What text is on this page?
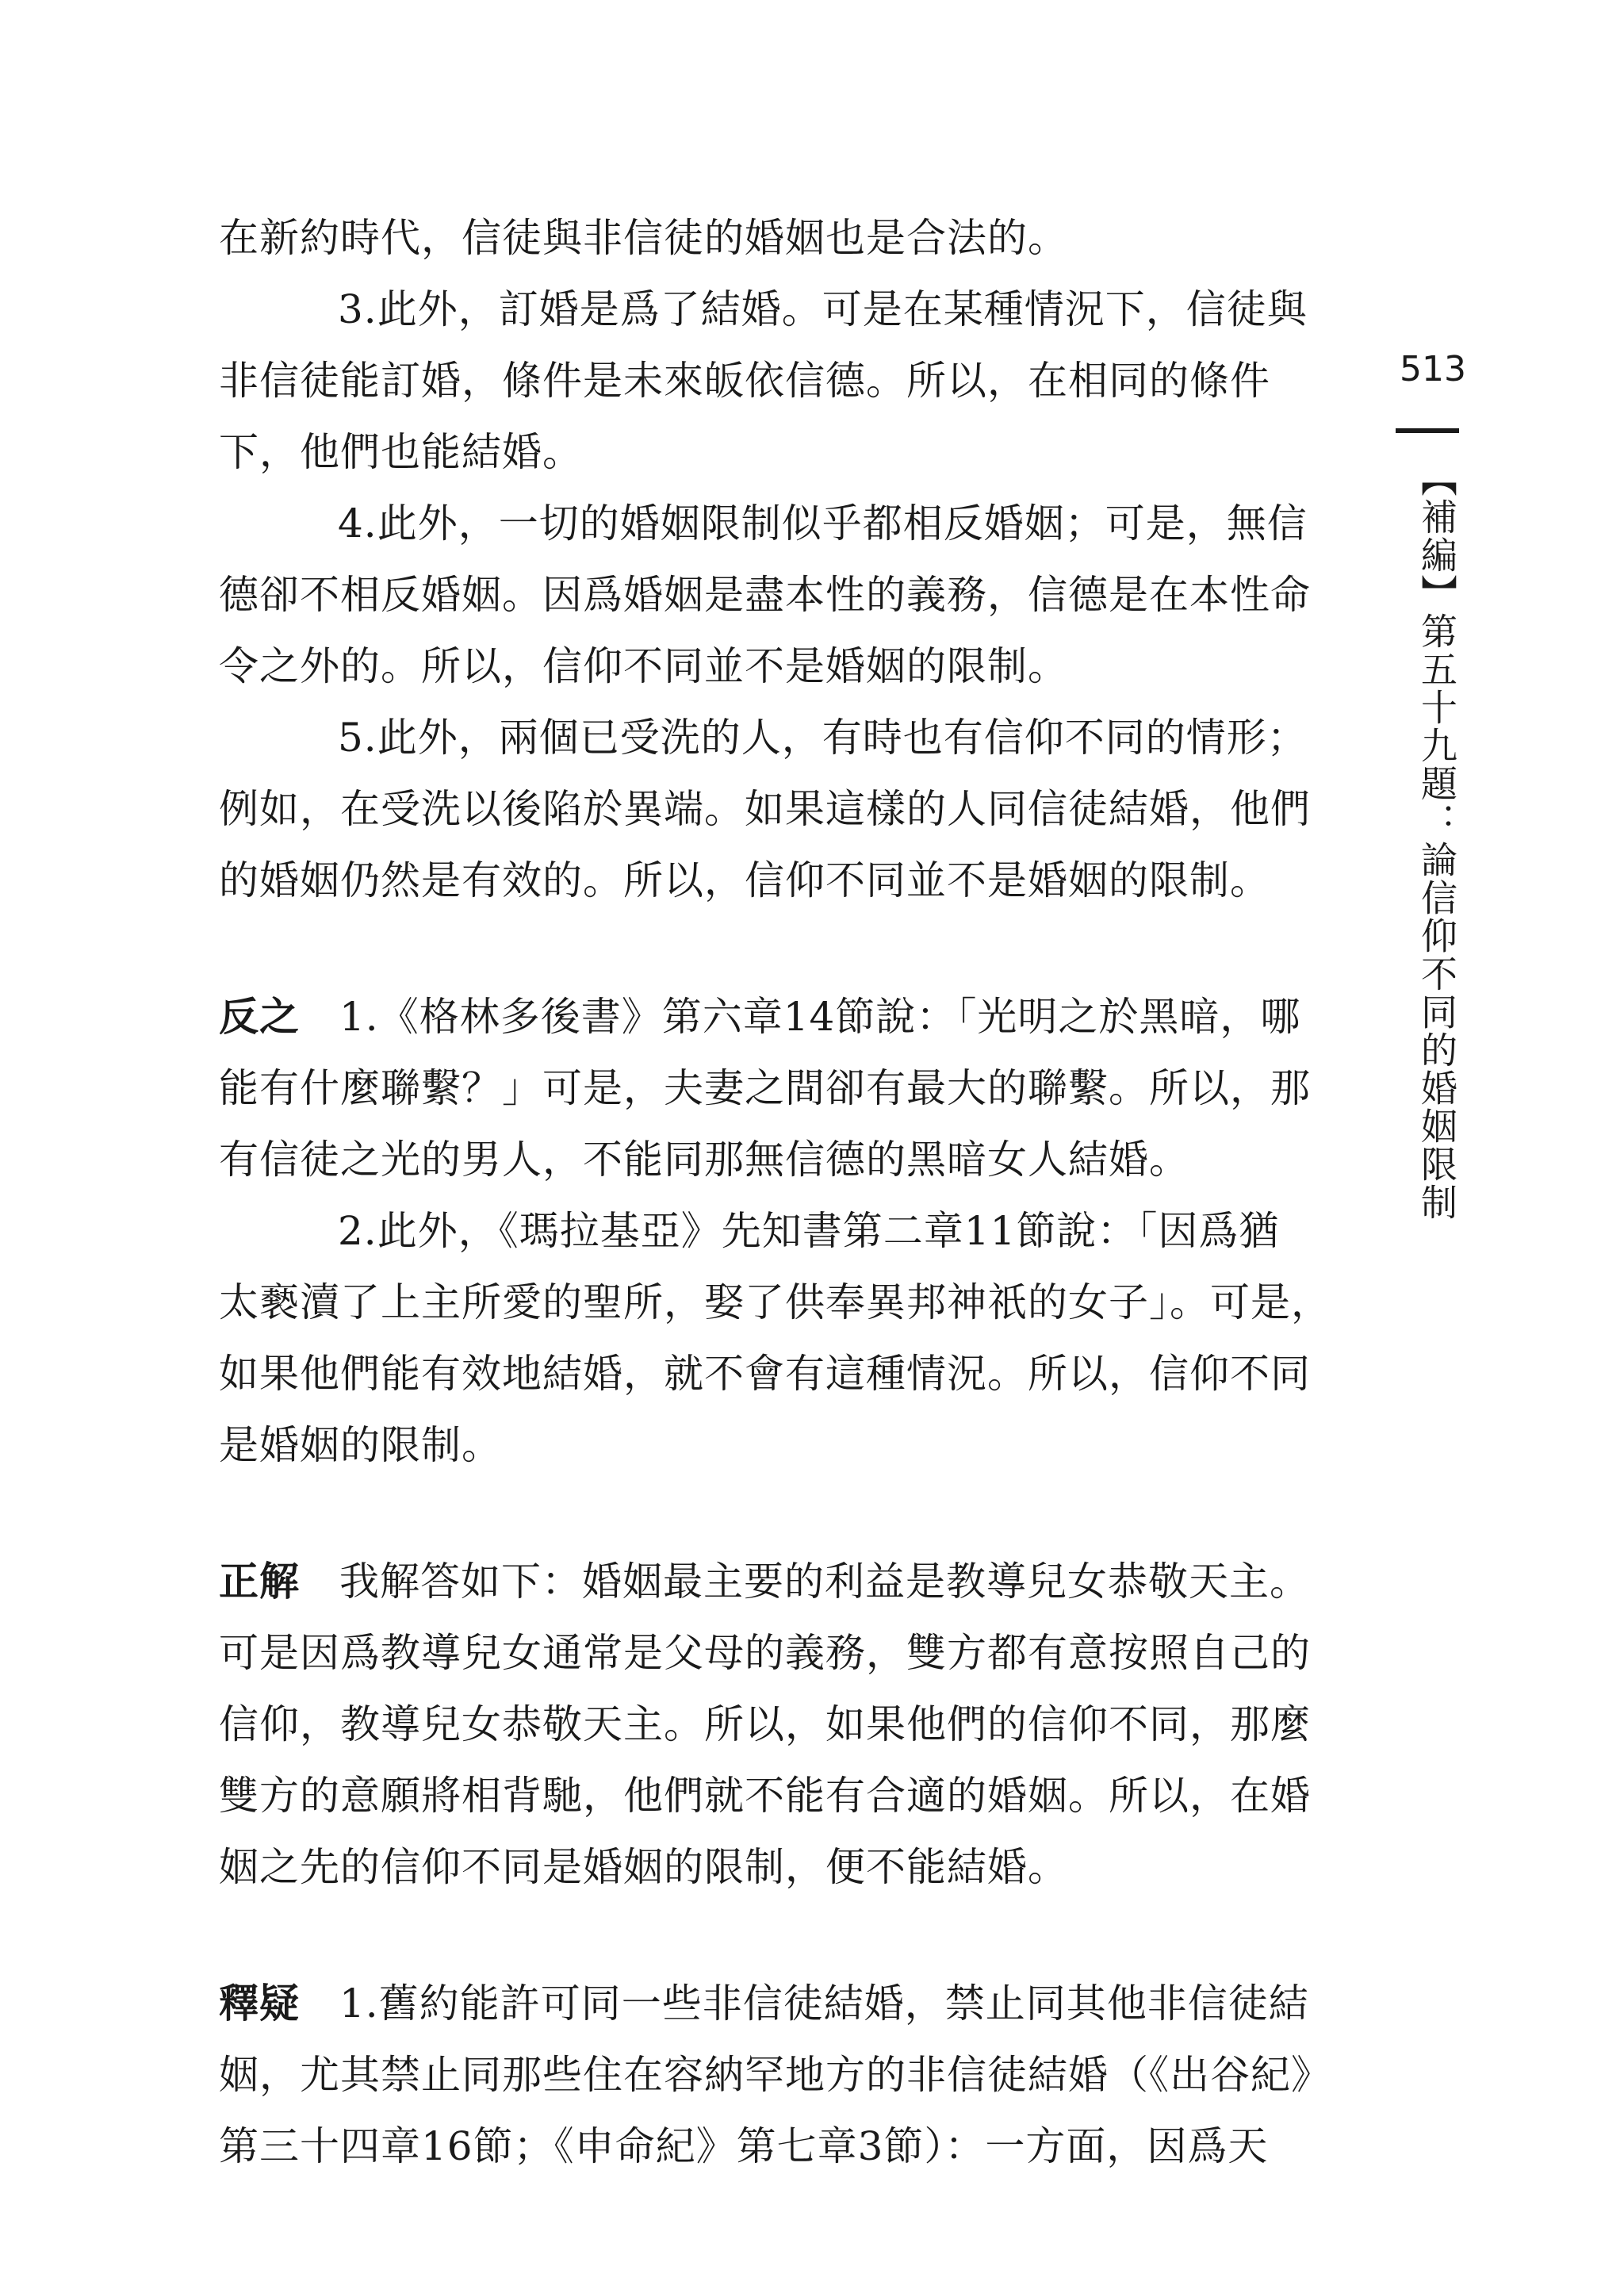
513
【補編】第五十九題：論信仰不同的婚姻限制
在新約時代，信徒與非信徒的婚姻也是合法的。
3.此外，訂婚是爲了結婚。可是在某種情況下，信徒與
非信徒能訂婚，條件是未來皈依信德。所以，在相同的條件
下，他們也能結婚。
4.此外，一切的婚姻限制似乎都相反婚姻；可是，無信
德卻不相反婚姻。因爲婚姻是盡本性的義務，信德是在本性命
令之外的。所以，信仰不同並不是婚姻的限制。
5.此外，兩個已受洗的人，有時也有信仰不同的情形；
例如，在受洗以後陷於異端。如果這樣的人同信徒結婚，他們
的婚姻仍然是有效的。所以，信仰不同並不是婚姻的限制。
反之 1.《格林多後書》第六章14節說：「光明之於黑暗，哪
能有什麼聯繫？」可是，夫妻之間卻有最大的聯繫。所以，那
有信徒之光的男人，不能同那無信德的黑暗女人結婚。
2.此外，《瑪拉基亞》先知書第二章11節說：「因爲猶
太褻瀆了上主所愛的聖所，娶了供奉異邦神祇的女子」。可是，
如果他們能有效地結婚，就不會有這種情況。所以，信仰不同
是婚姻的限制。
正解 我解答如下：婚姻最主要的利益是教導兒女恭敬天主。
可是因爲教導兒女通常是父母的義務，雙方都有意按照自己的
信仰，教導兒女恭敬天主。所以，如果他們的信仰不同，那麼
雙方的意願將相背馳，他們就不能有合適的婚姻。所以，在婚
姻之先的信仰不同是婚姻的限制，便不能結婚。
釋疑 1.舊約能許可同一些非信徒結婚，禁止同其他非信徒結
姻，尤其禁止同那些住在容納罕地方的非信徒結婚（《出谷紀》
第三十四章16節；《申命紀》第七章3節）：一方面，因爲天
